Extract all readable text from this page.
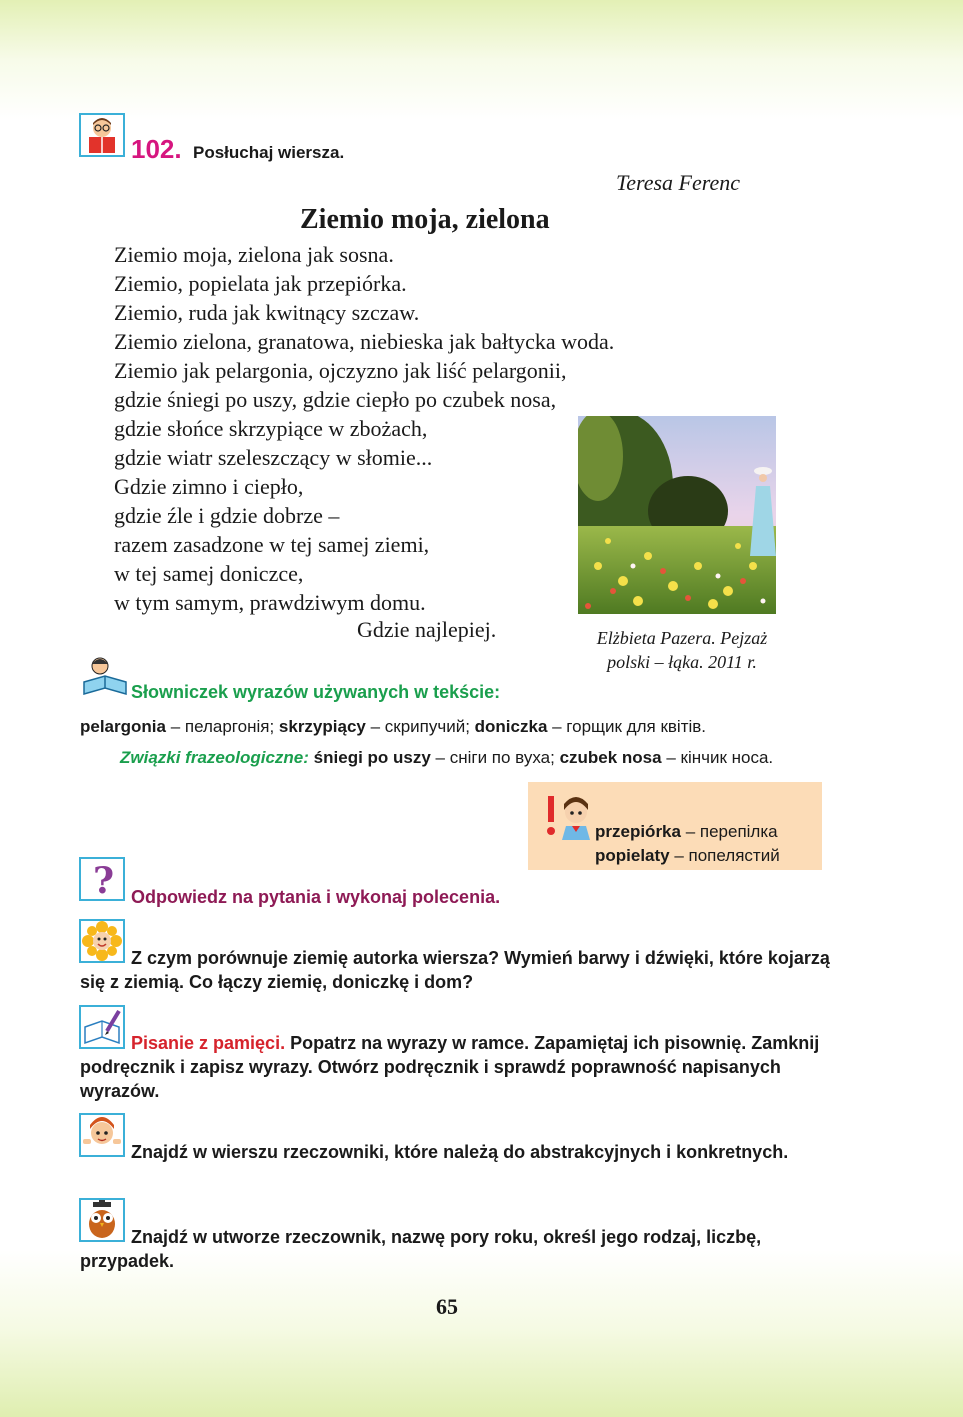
102. Posłuchaj wiersza.
Teresa Ferenc
Ziemio moja, zielona
Ziemio moja, zielona jak sosna.
Ziemio, popielata jak przepiórka.
Ziemio, ruda jak kwitnący szczaw.
Ziemio zielona, granatowa, niebieska jak bałtycka woda.
Ziemio jak pelargonia, ojczyzno jak liść pelargonii,
gdzie śniegi po uszy, gdzie ciepło po czubek nosa,
gdzie słońce skrzypiące w zbożach,
gdzie wiatr szeleszczący w słomie...
Gdzie zimno i ciepło,
gdzie źle i gdzie dobrze –
razem zasadzone w tej samej ziemi,
w tej samej doniczce,
w tym samym, prawdziwym domu.
Gdzie najlepiej.	Elżbieta Pazera. Pejzaż
polski – łąka. 2011 r.
Słowniczek wyrazów używanych w tekście:
pelargonia – пеларгонія; skrzypiący – скрипучий; doniczka – горщик для квітів.
Związki frazeologiczne: śniegi po uszy – сніги по вуха; czubek nosa – кінчик носа.
przepiórka – перепілка
popielaty – попелястий
? Odpowiedz na pytania i wykonaj polecenia.
Z czym porównuje ziemię autorka wiersza? Wymień barwy i dźwięki, które kojarzą się z ziemią. Co łączy ziemię, doniczkę i dom?
Pisanie z pamięci. Popatrz na wyrazy w ramce. Zapamiętaj ich pisownię. Zamknij podręcznik i zapisz wyrazy. Otwórz podręcznik i sprawdź poprawność napisanych wyrazów.
Znajdź w wierszu rzeczowniki, które należą do abstrakcyjnych i konkretnych.
Znajdź w utworze rzeczownik, nazwę pory roku, określ jego rodzaj, liczbę, przypadek.
65
